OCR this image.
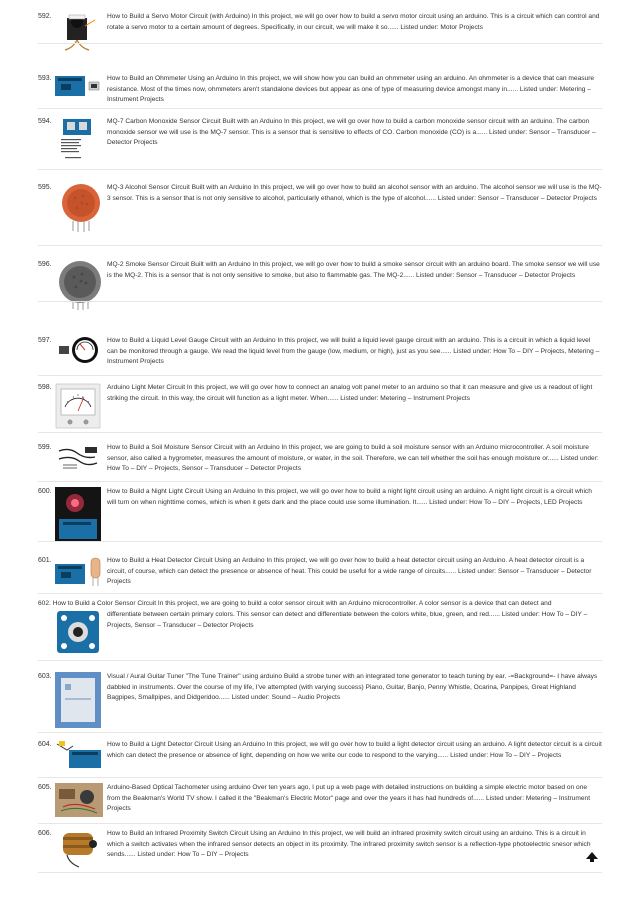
592.	How to Build a Servo Motor Circuit (with Arduino) In this project, we will go over how to build a servo motor circuit using an arduino. This is a circuit which can control and rotate a servo motor to a certain amount of degrees. Specifically, in our circuit, we will make it so...... Listed under: Motor Projects

593.	How to Build an Ohmmeter Using an Arduino In this project, we will show how you can build an ohmmeter using an arduino. An ohmmeter is a device that can measure resistance. Most of the times now, ohmmeters aren't standalone devices but appear as one of type of measuring device amongst many in...... Listed under: Metering – Instrument Projects

594.	MQ-7 Carbon Monoxide Sensor Circuit Built with an Arduino In this project, we will go over how to build a carbon monoxide sensor circuit with an arduino. The carbon monoxide sensor we will use is the MQ-7 sensor. This is a sensor that is sensitive to effects of CO. Carbon monoxide (CO) is a...... Listed under: Sensor – Transducer – Detector Projects

595.	MQ-3 Alcohol Sensor Circuit Built with an Arduino In this project, we will go over how to build an alcohol sensor with an arduino. The alcohol sensor we will use is the MQ-3 sensor. This is a sensor that is not only sensitive to alcohol, particularly ethanol, which is the type of alcohol...... Listed under: Sensor – Transducer – Detector Projects

596.	MQ-2 Smoke Sensor Circuit Built with an Arduino In this project, we will go over how to build a smoke sensor circuit with an arduino board. The smoke sensor we will use is the MQ-2. This is a sensor that is not only sensitive to smoke, but also to flammable gas. The MQ-2...... Listed under: Sensor – Transducer – Detector Projects

597.	How to Build a Liquid Level Gauge Circuit with an Arduino In this project, we will build a liquid level gauge circuit with an arduino. This is a circuit in which a liquid level can be monitored through a gauge. We read the liquid level from the gauge (low, medium, or high), just as you see...... Listed under: How To – DIY – Projects, Metering – Instrument Projects

598.	Arduino Light Meter Circuit In this project, we will go over how to connect an analog volt panel meter to an arduino so that it can measure and give us a readout of light striking the circuit. In this way, the circuit will function as a light meter. When...... Listed under: Metering – Instrument Projects

599.	How to Build a Soil Moisture Sensor Circuit with an Arduino In this project, we are going to build a soil moisture sensor with an Arduino microcontroller. A soil moisture sensor, also called a hygrometer, measures the amount of moisture, or water, in the soil. Therefore, we can tell whether the soil has enough moisture or...... Listed under: How To – DIY – Projects, Sensor – Transducer – Detector Projects

600.	How to Build a Night Light Circuit Using an Arduino In this project, we will go over how to build a night light circuit using an arduino. A night light circuit is a circuit which will turn on when nighttime comes, which is when it gets dark and the place could use some illumination. It...... Listed under: How To – DIY – Projects, LED Projects

601.	How to Build a Heat Detector Circuit Using an Arduino In this project, we will go over how to build a heat detector circuit using an Arduino. A heat detector circuit is a circuit, of course, which can detect the presence or absence of heat. This could be useful for a wide range of circuits...... Listed under: Sensor – Transducer – Detector Projects

602. How to Build a Color Sensor Circuit In this project, we are going to build a color sensor circuit with an Arduino microcontroller. A color sensor is a device that can detect and

differentiate between certain primary colors. This sensor can detect and differentiate between the colors white, blue, green, and red...... Listed under: How To – DIY – Projects, Sensor – Transducer – Detector Projects

603.	Visual / Aural Guitar Tuner "The Tune Trainer" using arduino Build a strobe tuner with an integrated tone generator to teach tuning by ear. -=Background=- I have always dabbled in instruments. Over the course of my life, I've attempted (with varying success) Piano, Guitar, Banjo, Penny Whistle, Ocarina, Panpipes, Great Highland Bagpipes, Smallpipes, and Didgeridoo...... Listed under: Sound – Audio Projects

604.	How to Build a Light Detector Circuit Using an Arduino In this project, we will go over how to build a light detector circuit using an arduino. A light detector circuit is a circuit which can detect the presence or absence of light, depending on how we write our code to respond to the varying...... Listed under: How To – DIY – Projects

605.	Arduino-Based Optical Tachometer using arduino Over ten years ago, I put up a web page with detailed instructions on building a simple electric motor based on one from the Beakman's World TV show. I called it the "Beakman's Electric Motor" page and over the years it has had hundreds of...... Listed under: Metering – Instrument Projects

606.	How to Build an Infrared Proximity Switch Circuit Using an Arduino In this project, we will build an infrared proximity switch circuit using an arduino. This is a circuit in which a switch activates when the infrared sensor detects an object in its proximity. The infrared proximity switch sensor is a reflection-type photoelectric snesor which sends...... Listed under: How To – DIY – Projects
